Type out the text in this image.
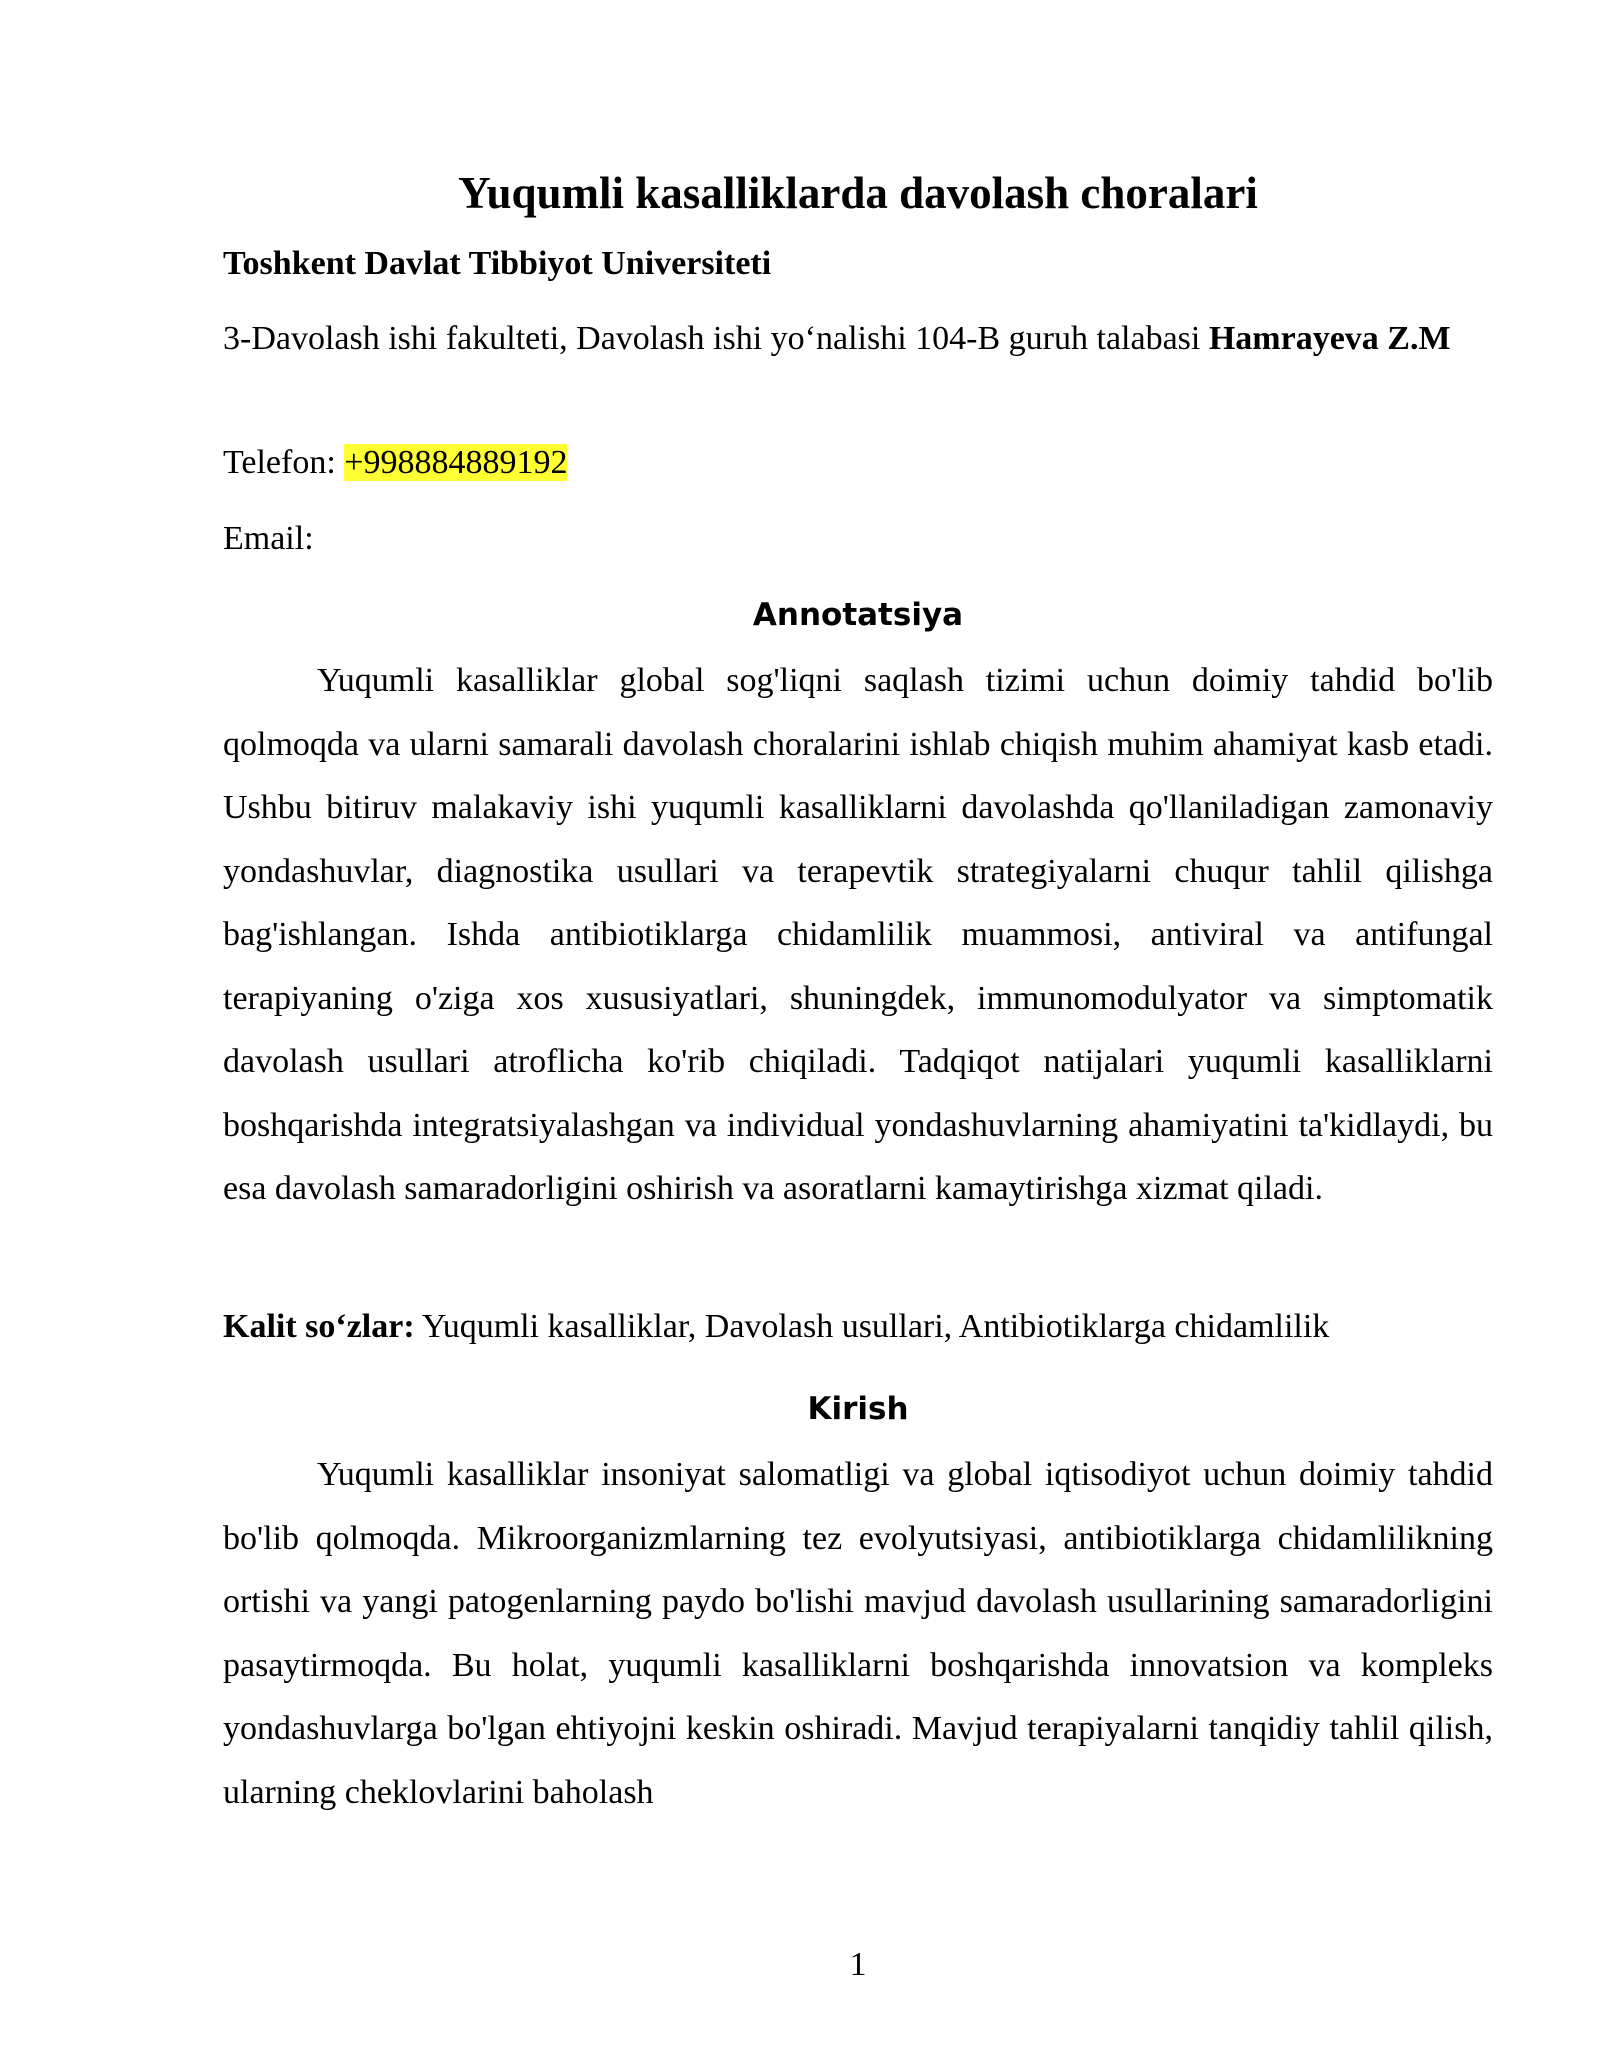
Yuqumli kasalliklarda davolash choralari
Toshkent Davlat Tibbiyot Universiteti
3-Davolash ishi fakulteti, Davolash ishi yo‘nalishi 104-B guruh talabasi Hamrayeva Z.M
Telefon: +998884889192
Email:
Annotatsiya
Yuqumli kasalliklar global sog'liqni saqlash tizimi uchun doimiy tahdid bo'lib qolmoqda va ularni samarali davolash choralarini ishlab chiqish muhim ahamiyat kasb etadi. Ushbu bitiruv malakaviy ishi yuqumli kasalliklarni davolashda qo'llaniladigan zamonaviy yondashuvlar, diagnostika usullari va terapevtik strategiyalarni chuqur tahlil qilishga bag'ishlangan. Ishda antibiotiklarga chidamlilik muammosi, antiviral va antifungal terapiyaning o'ziga xos xususiyatlari, shuningdek, immunomodulyator va simptomatik davolash usullari atroflicha ko'rib chiqiladi. Tadqiqot natijalari yuqumli kasalliklarni boshqarishda integratsiyalashgan va individual yondashuvlarning ahamiyatini ta'kidlaydi, bu esa davolash samaradorligini oshirish va asoratlarni kamaytirishga xizmat qiladi.
Kalit so‘zlar: Yuqumli kasalliklar, Davolash usullari, Antibiotiklarga chidamlilik
Kirish
Yuqumli kasalliklar insoniyat salomatligi va global iqtisodiyot uchun doimiy tahdid bo'lib qolmoqda. Mikroorganizmlarning tez evolyutsiyasi, antibiotiklarga chidamlilikning ortishi va yangi patogenlarning paydo bo'lishi mavjud davolash usullarining samaradorligini pasaytirmoqda. Bu holat, yuqumli kasalliklarni boshqarishda innovatsion va kompleks yondashuvlarga bo'lgan ehtiyojni keskin oshiradi. Mavjud terapiyalarni tanqidiy tahlil qilish, ularning cheklovlarini baholash
1
